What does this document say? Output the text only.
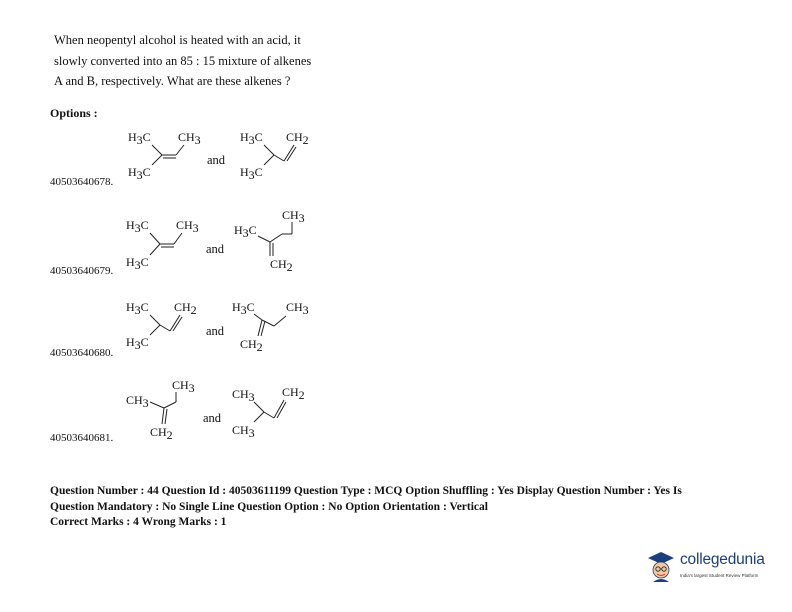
When neopentyl alcohol is heated with an acid, it slowly converted into an 85 : 15 mixture of alkenes A and B, respectively. What are these alkenes ?

Options :
40503640678.
H3C CH3
H3C
and
H3C CH2
H3C
40503640679.
H3C CH3
H3C
and
CH3
H3C
CH2
40503640680.
H3C CH2
H3C
and
H3C	CH3
CH2
40503640681.
CH3
CH3
CH2
and
CH3 CH2
CH3
Question Number : 44 Question Id : 40503611199 Question Type : MCQ Option Shuffling : Yes Display Question Number : Yes Is
Question Mandatory : No Single Line Question Option : No Option Orientation : Vertical
Correct Marks : 4 Wrong Marks : 1
collegedunia
India's largest Student Review Platform
